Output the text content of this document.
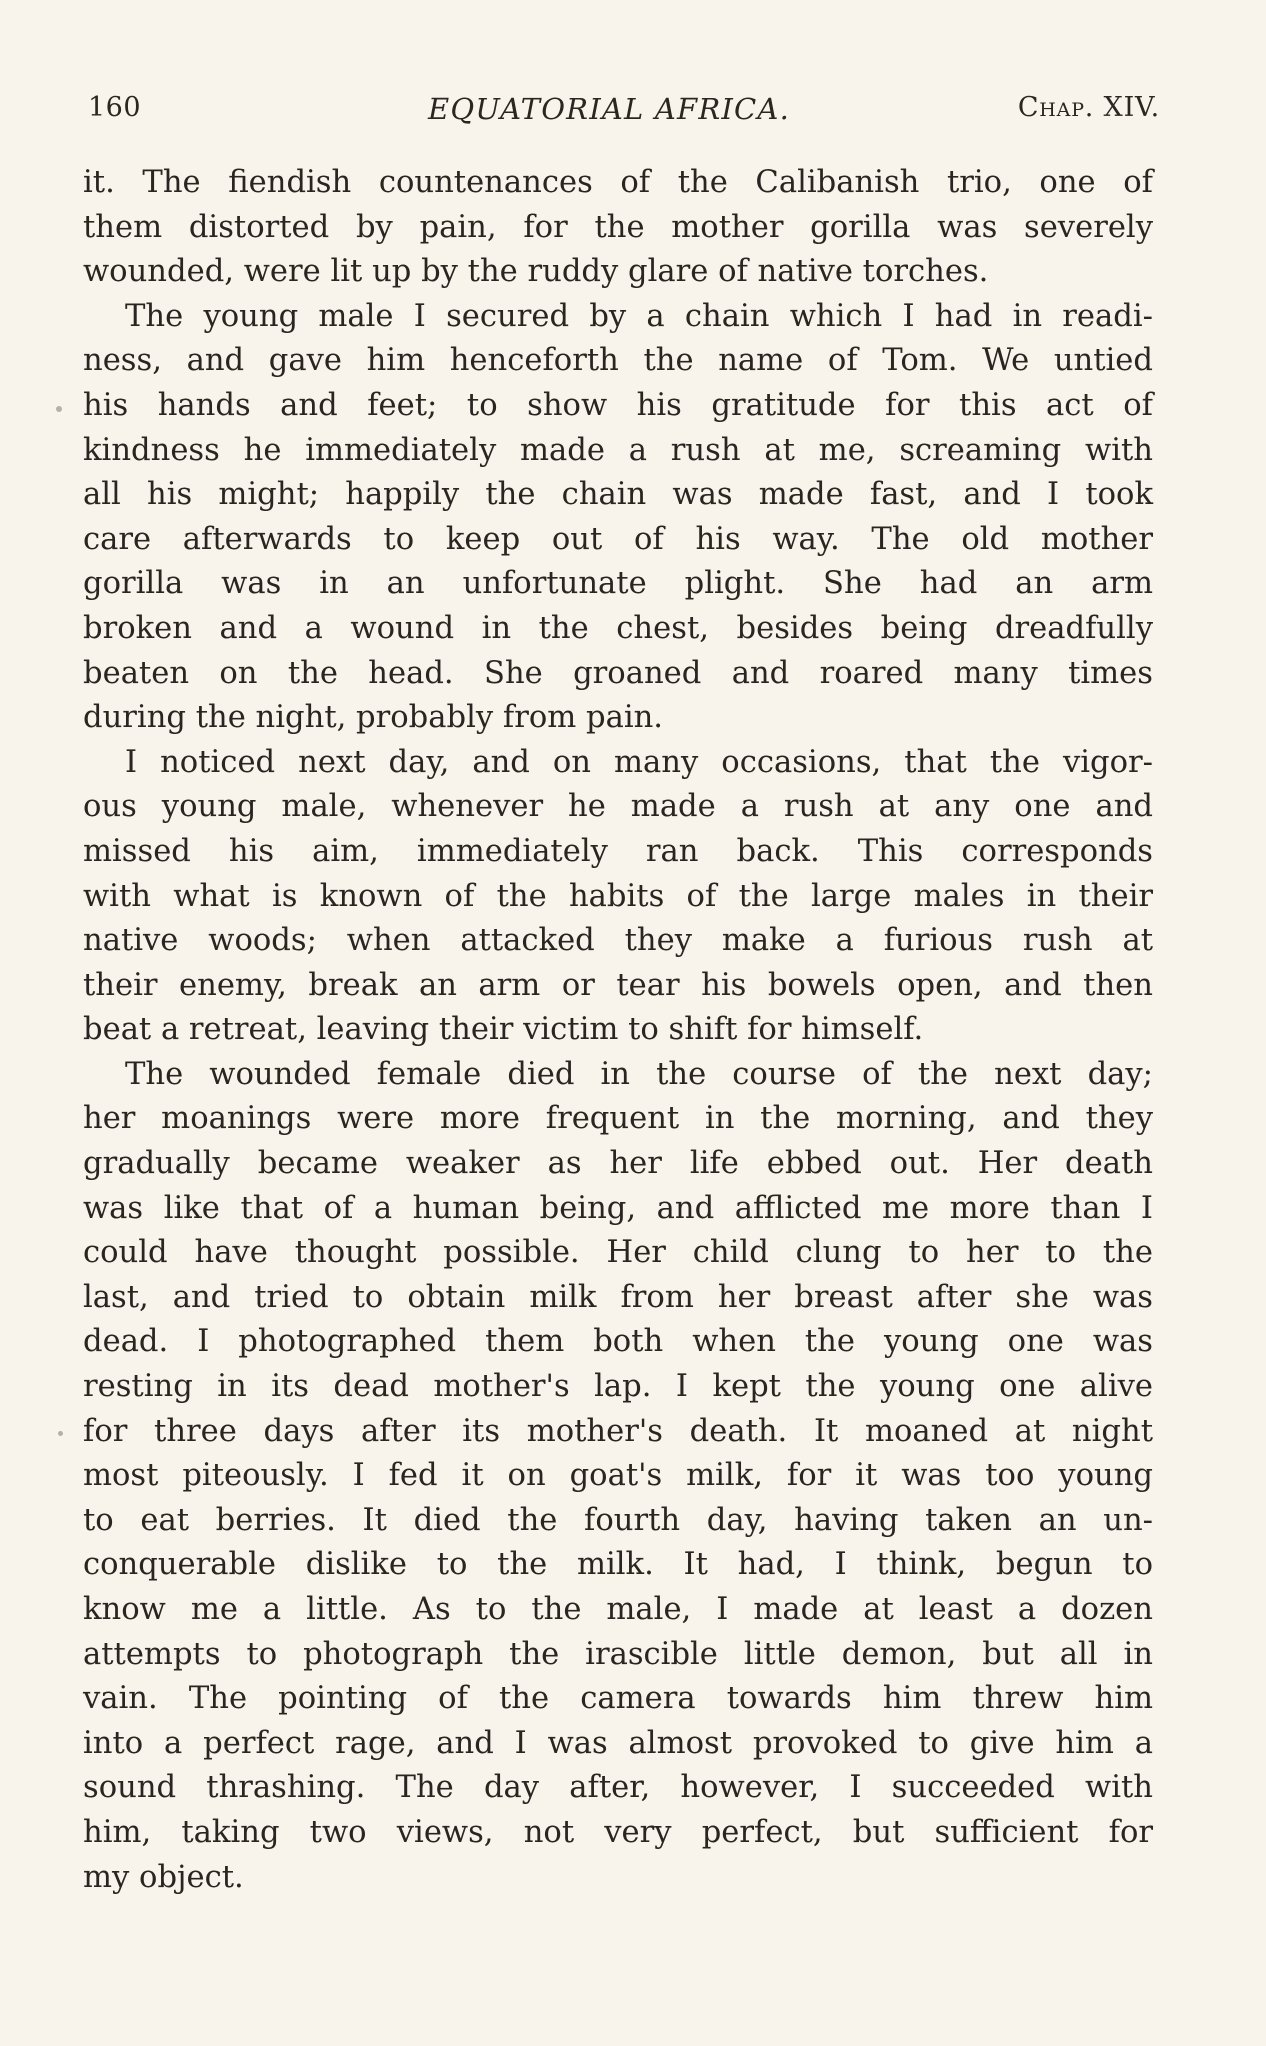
160	EQUATORIAL AFRICA.	Chap. XIV.
it. The fiendish countenances of the Calibanish trio, one of
them distorted by pain, for the mother gorilla was severely
wounded, were lit up by the ruddy glare of native torches.
The young male I secured by a chain which I had in readi-
ness, and gave him henceforth the name of Tom. We untied
his hands and feet; to show his gratitude for this act of
kindness he immediately made a rush at me, screaming with
all his might; happily the chain was made fast, and I took
care afterwards to keep out of his way. The old mother
gorilla was in an unfortunate plight. She had an arm
broken and a wound in the chest, besides being dreadfully
beaten on the head. She groaned and roared many times
during the night, probably from pain.
I noticed next day, and on many occasions, that the vigor-
ous young male, whenever he made a rush at any one and
missed his aim, immediately ran back. This corresponds
with what is known of the habits of the large males in their
native woods; when attacked they make a furious rush at
their enemy, break an arm or tear his bowels open, and then
beat a retreat, leaving their victim to shift for himself.
The wounded female died in the course of the next day;
her moanings were more frequent in the morning, and they
gradually became weaker as her life ebbed out. Her death
was like that of a human being, and afflicted me more than I
could have thought possible. Her child clung to her to the
last, and tried to obtain milk from her breast after she was
dead. I photographed them both when the young one was
resting in its dead mother's lap. I kept the young one alive
for three days after its mother's death. It moaned at night
most piteously. I fed it on goat's milk, for it was too young
to eat berries. It died the fourth day, having taken an un-
conquerable dislike to the milk. It had, I think, begun to
know me a little. As to the male, I made at least a dozen
attempts to photograph the irascible little demon, but all in
vain. The pointing of the camera towards him threw him
into a perfect rage, and I was almost provoked to give him a
sound thrashing. The day after, however, I succeeded with
him, taking two views, not very perfect, but sufficient for
my object.
